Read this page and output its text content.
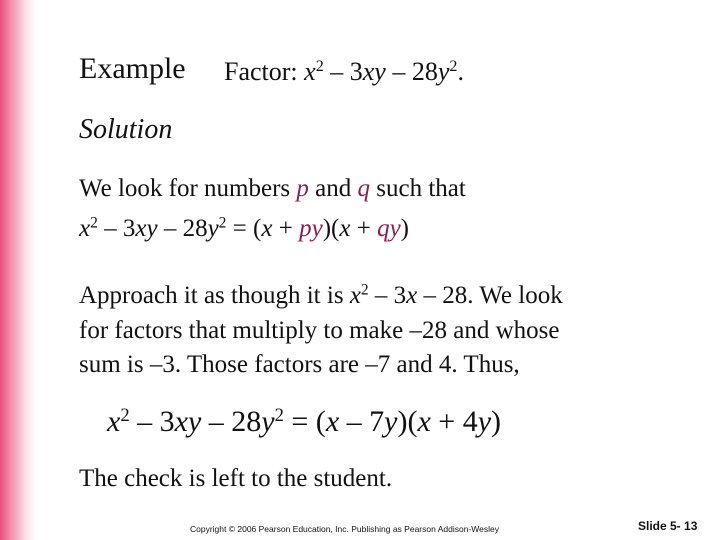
Example Factor: $x^2 - 3xy - 28y^2$.
Solution
We look for numbers p and q such that
$x^2 - 3xy - 28y^2 = (x + py)(x + qy)$
Approach it as though it is $x^2 - 3x - 28$. We look
for factors that multiply to make –28 and whose
sum is –3. Those factors are –7 and 4. Thus,
$x^2 - 3xy - 28y^2 = (x - 7y)(x + 4y)$
The check is left to the student.
Copyright © 2006 Pearson Education, Inc. Publishing as Pearson Addison-Wesley	Slide 5- 13
